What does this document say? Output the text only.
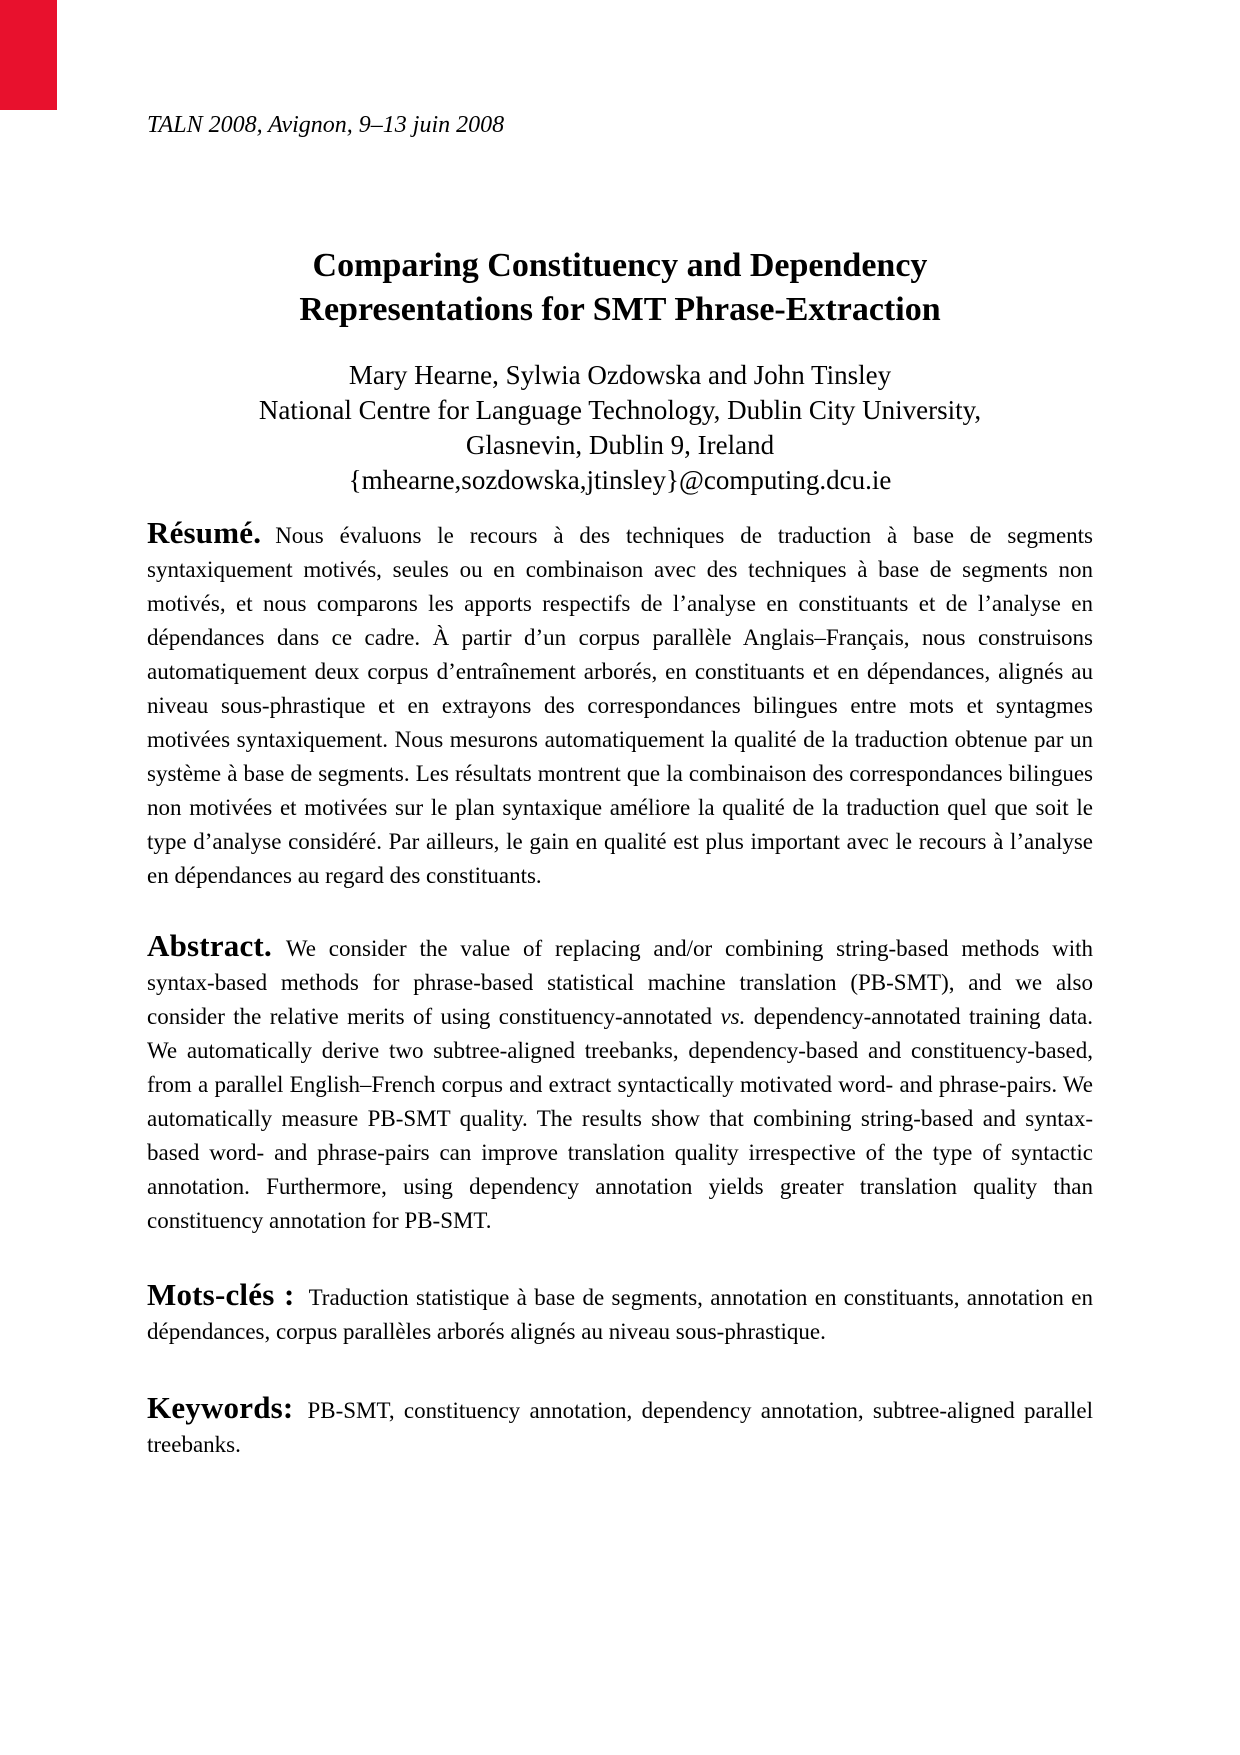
TALN 2008, Avignon, 9–13 juin 2008
Comparing Constituency and Dependency
Representations for SMT Phrase-Extraction
Mary Hearne, Sylwia Ozdowska and John Tinsley
National Centre for Language Technology, Dublin City University,
Glasnevin, Dublin 9, Ireland
{mhearne,sozdowska,jtinsley}@computing.dcu.ie

Résumé. Nous évaluons le recours à des techniques de traduction à base de segments syntaxiquement motivés, seules ou en combinaison avec des techniques à base de segments non motivés, et nous comparons les apports respectifs de l’analyse en constituants et de l’analyse en dépendances dans ce cadre. À partir d’un corpus parallèle Anglais–Français, nous construisons automatiquement deux corpus d’entraînement arborés, en constituants et en dépendances, alignés au niveau sous-phrastique et en extrayons des correspondances bilingues entre mots et syntagmes motivées syntaxiquement. Nous mesurons automatiquement la qualité de la traduction obtenue par un système à base de segments. Les résultats montrent que la combinaison des correspondances bilingues non motivées et motivées sur le plan syntaxique améliore la qualité de la traduction quel que soit le type d’analyse considéré. Par ailleurs, le gain en qualité est plus important avec le recours à l’analyse en dépendances au regard des constituants.

Abstract. We consider the value of replacing and/or combining string-based methods with syntax-based methods for phrase-based statistical machine translation (PB-SMT), and we also consider the relative merits of using constituency-annotated vs. dependency-annotated training data. We automatically derive two subtree-aligned treebanks, dependency-based and constituency-based, from a parallel English–French corpus and extract syntactically motivated word- and phrase-pairs. We automatically measure PB-SMT quality. The results show that combining string-based and syntax-based word- and phrase-pairs can improve translation quality irrespective of the type of syntactic annotation. Furthermore, using dependency annotation yields greater translation quality than constituency annotation for PB-SMT.

Mots-clés : Traduction statistique à base de segments, annotation en constituants, annotation en dépendances, corpus parallèles arborés alignés au niveau sous-phrastique.

Keywords: PB-SMT, constituency annotation, dependency annotation, subtree-aligned parallel treebanks.
